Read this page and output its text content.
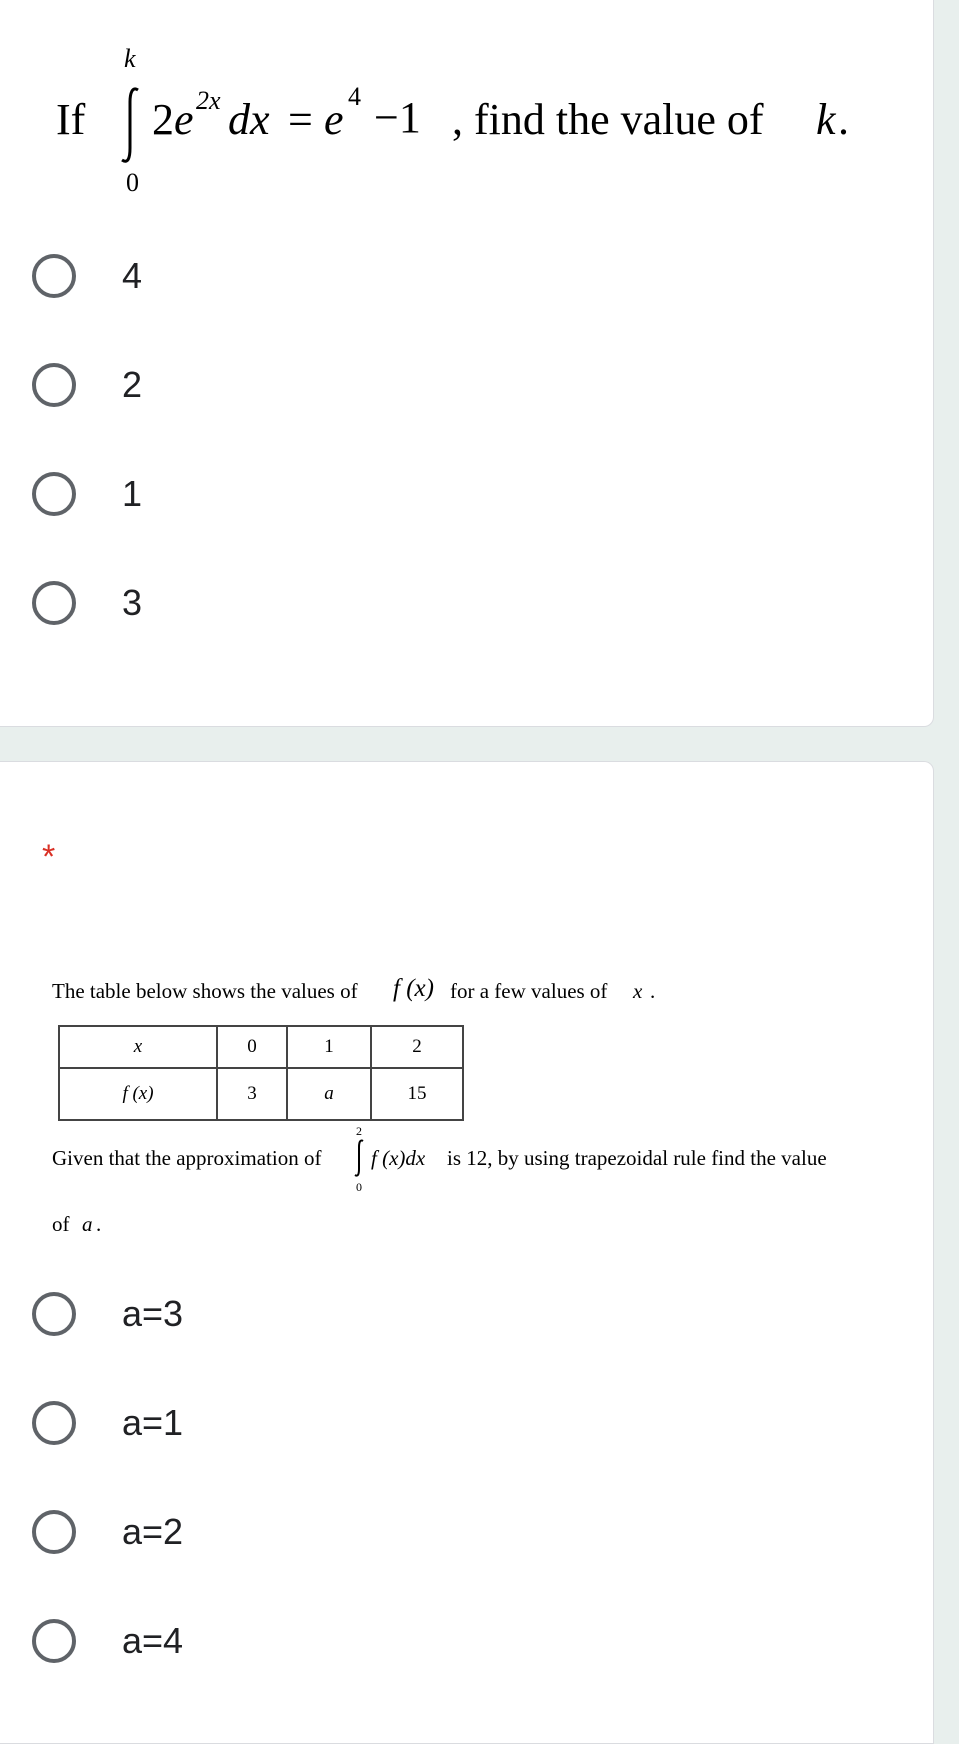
If
k
0
2 e 2x dx = e 4 −1 , find the value of k .
4
2
1
3
*
The table below shows the values of f (x) for a few values of x .
x	0	1	2
f (x)	3	a	15
Given that the approximation of
2
0
f (x)dx is 12, by using trapezoidal rule find the value
of a .
a=3
a=1
a=2
a=4
